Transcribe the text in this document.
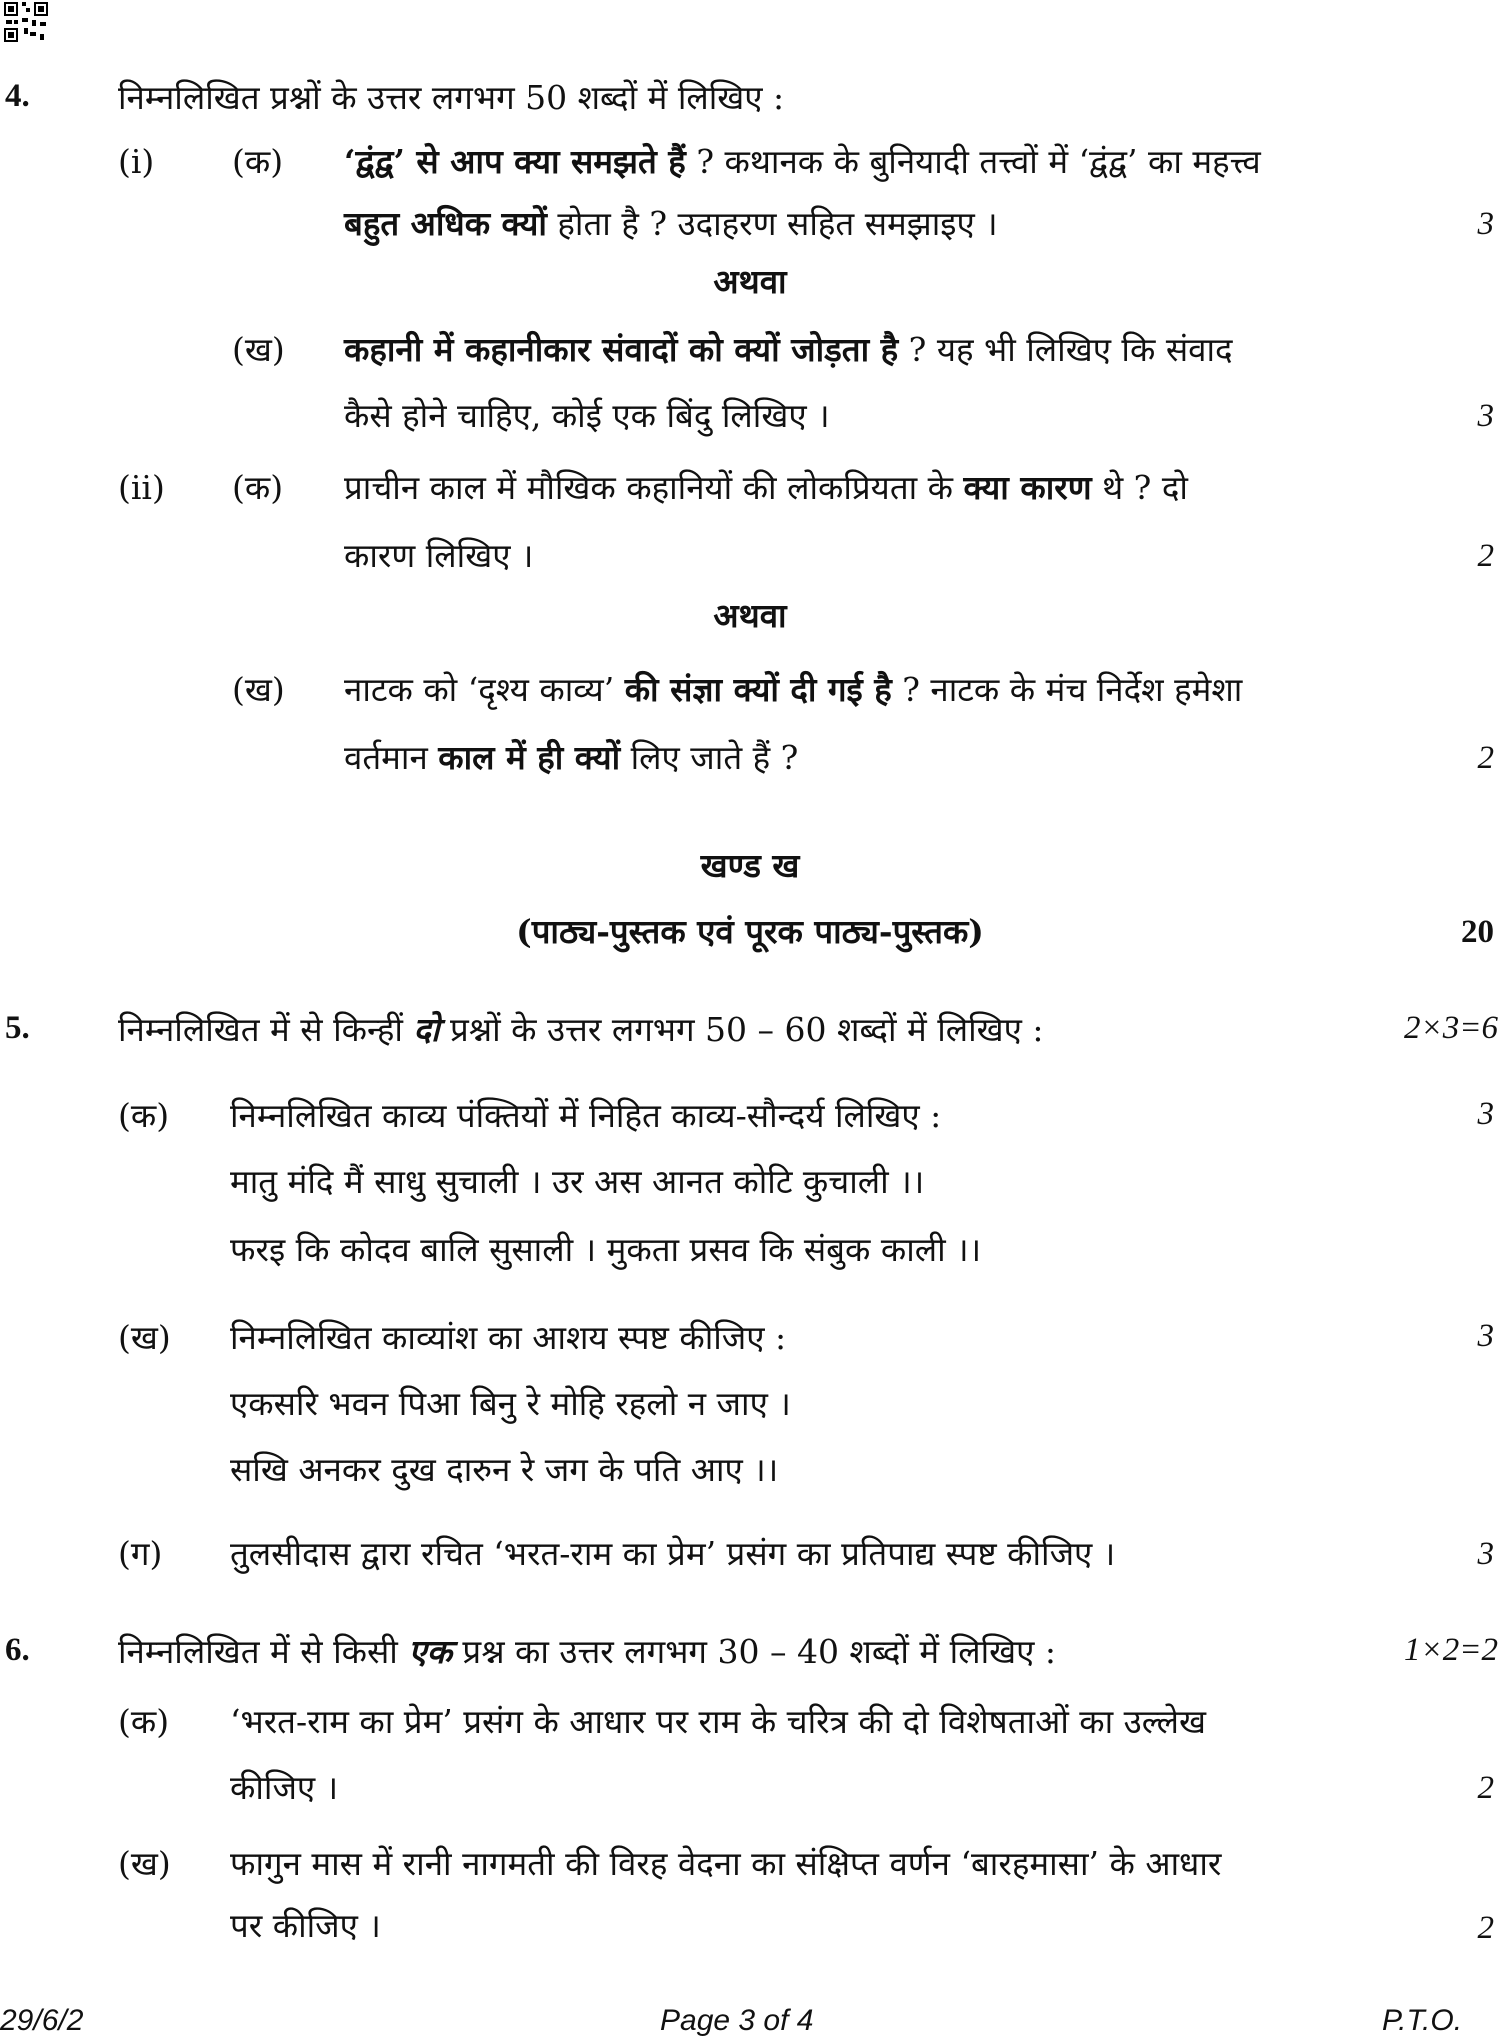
4.	निम्नलिखित प्रश्नों के उत्तर लगभग 50 शब्दों में लिखिए :
(i) (क) ‘द्वंद्व’ से आप क्या समझते हैं ? कथानक के बुनियादी तत्त्वों में ‘द्वंद्व’ का महत्त्व
बहुत अधिक क्यों होता है ? उदाहरण सहित समझाइए ।	3
अथवा
(ख) कहानी में कहानीकार संवादों को क्यों जोड़ता है ? यह भी लिखिए कि संवाद
कैसे होने चाहिए, कोई एक बिंदु लिखिए ।	3
(ii) (क) प्राचीन काल में मौखिक कहानियों की लोकप्रियता के क्या कारण थे ? दो
कारण लिखिए ।	2
अथवा
(ख) नाटक को ‘दृश्य काव्य’ की संज्ञा क्यों दी गई है ? नाटक के मंच निर्देश हमेशा
वर्तमान काल में ही क्यों लिए जाते हैं ?	2
खण्ड ख
(पाठ्य-पुस्तक एवं पूरक पाठ्य-पुस्तक)	20
5.	निम्नलिखित में से किन्हीं दो प्रश्नों के उत्तर लगभग 50 – 60 शब्दों में लिखिए :	2×3=6
(क) निम्नलिखित काव्य पंक्तियों में निहित काव्य-सौन्दर्य लिखिए :	3
मातु मंदि मैं साधु सुचाली । उर अस आनत कोटि कुचाली ।।
फरइ कि कोदव बालि सुसाली । मुकता प्रसव कि संबुक काली ।।
(ख) निम्नलिखित काव्यांश का आशय स्पष्ट कीजिए :	3
एकसरि भवन पिआ बिनु रे मोहि रहलो न जाए ।
सखि अनकर दुख दारुन रे जग के पति आए ।।
(ग) तुलसीदास द्वारा रचित ‘भरत-राम का प्रेम’ प्रसंग का प्रतिपाद्य स्पष्ट कीजिए ।	3
6.	निम्नलिखित में से किसी एक प्रश्न का उत्तर लगभग 30 – 40 शब्दों में लिखिए :	1×2=2
(क) ‘भरत-राम का प्रेम’ प्रसंग के आधार पर राम के चरित्र की दो विशेषताओं का उल्लेख
कीजिए ।	2
(ख) फागुन मास में रानी नागमती की विरह वेदना का संक्षिप्त वर्णन ‘बारहमासा’ के आधार
पर कीजिए ।	2
29/6/2	Page 3 of 4	P.T.O.
